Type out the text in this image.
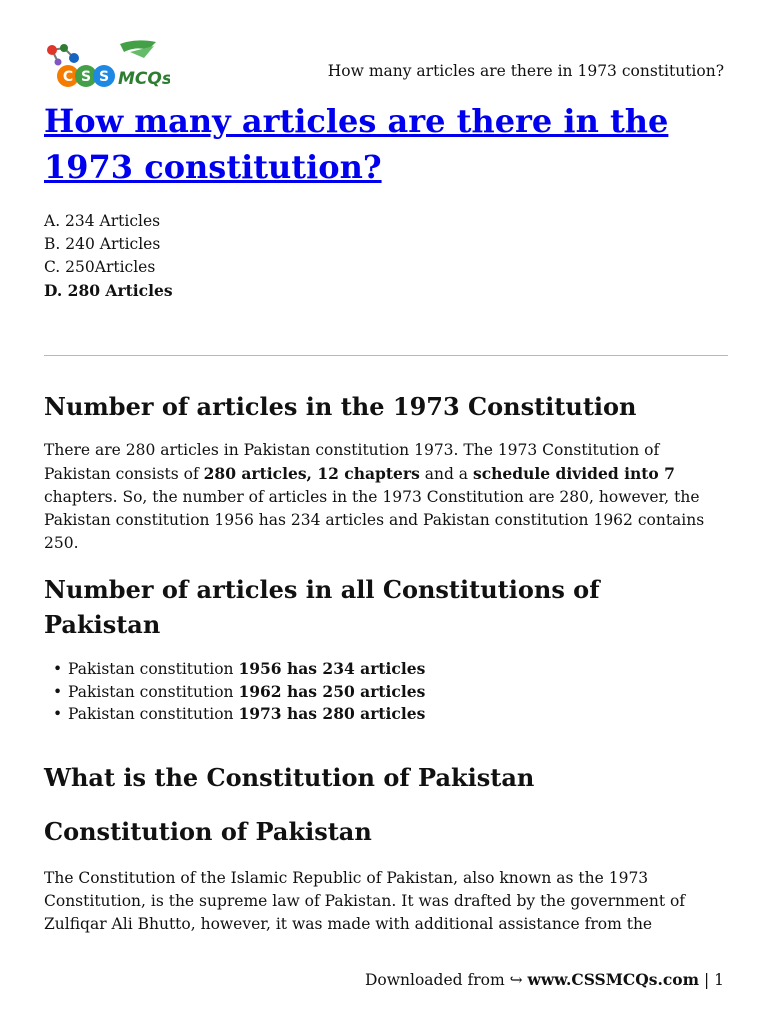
C S S MCQs	How many articles are there in 1973 constitution?
How many articles are there in the
1973 constitution?
A. 234 Articles
B. 240 Articles
C. 250Articles
D. 280 Articles
Number of articles in the 1973 Constitution

There are 280 articles in Pakistan constitution 1973. The 1973 Constitution of Pakistan consists of 280 articles, 12 chapters and a schedule divided into 7 chapters. So, the number of articles in the 1973 Constitution are 280, however, the Pakistan constitution 1956 has 234 articles and Pakistan constitution 1962 contains 250.

Number of articles in all Constitutions of
Pakistan
• Pakistan constitution 1956 has 234 articles
• Pakistan constitution 1962 has 250 articles
• Pakistan constitution 1973 has 280 articles
What is the Constitution of Pakistan
Constitution of Pakistan

The Constitution of the Islamic Republic of Pakistan, also known as the 1973 Constitution, is the supreme law of Pakistan. It was drafted by the government of Zulfiqar Ali Bhutto, however, it was made with additional assistance from the

Downloaded from ↪ www.CSSMCQs.com | 1
